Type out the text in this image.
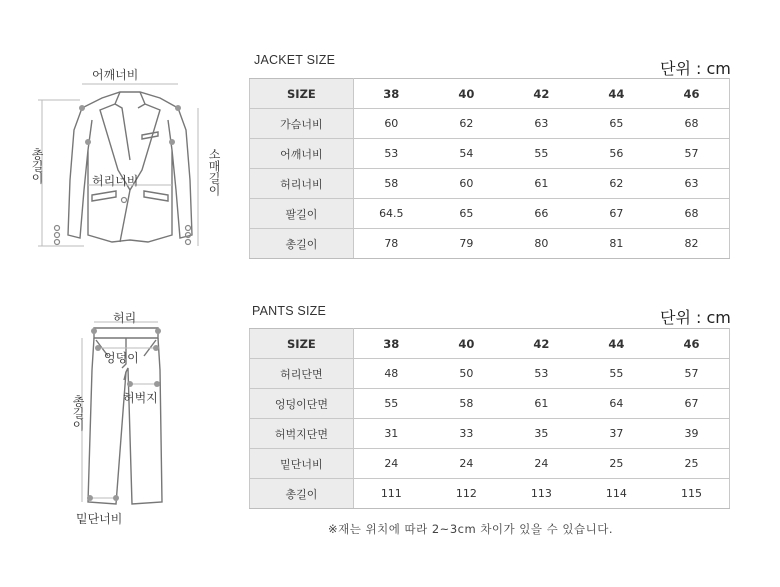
어깨너비
총길이	소매길이
허리너비
JACKET SIZE	단위 : cm
SIZE	38	40	42	44	46
가슴너비	60	62	63	65	68
어깨너비	53	54	55	56	57
허리너비	58	60	61	62	63
팔길이	64.5	65	66	67	68
총길이	78	79	80	81	82
허리
엉덩이
허벅지
총길이
밑단너비
PANTS SIZE	단위 : cm
SIZE	38	40	42	44	46
허리단면	48	50	53	55	57
엉덩이단면	55	58	61	64	67
허벅지단면	31	33	35	37	39
밑단너비	24	24	24	25	25
총길이	111	112	113	114	115
※재는 위치에 따라 2~3cm 차이가 있을 수 있습니다.
